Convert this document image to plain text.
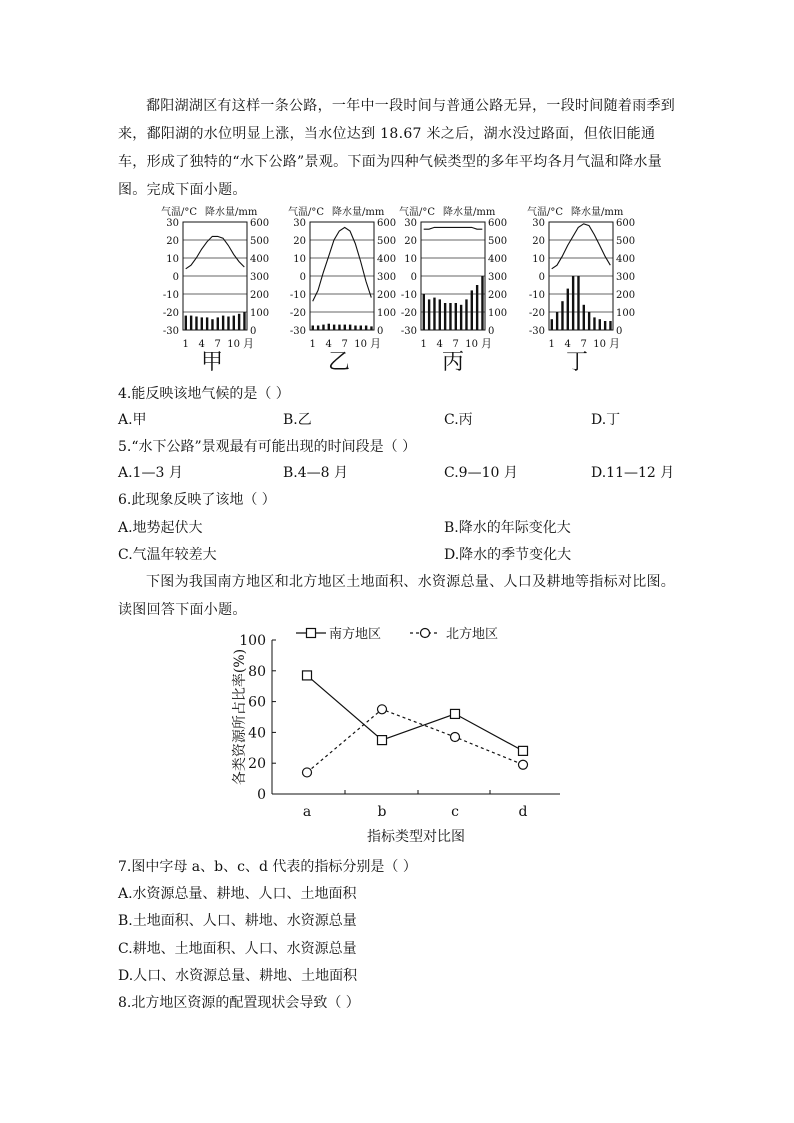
鄱阳湖湖区有这样一条公路，一年中一段时间与普通公路无异，一段时间随着雨季到来，鄱阳湖的水位明显上涨，当水位达到 18.67 米之后，湖水没过路面，但依旧能通车，形成了独特的“水下公路”景观。下面为四种气候类型的多年平均各月气温和降水量图。完成下面小题。
气温/°C 降水量/mm
30	600
20	500
10	400
0	300
-10	200
-20	100
-30	0
1 4 7 10 月
气温/°C 降水量/mm
30	600
20	500
10	400
0	300
-10	200
-20	100
-30	0
1 4 7 10 月
气温/°C 降水量/mm
30	600
20	500
10	400
0	300
-10	200
-20	100
-30	0
1 4 7 10 月
气温/°C 降水量/mm
30	600
20	500
10	400
0	300
-10	200
-20	100
-30	0
1 4 7 10 月
甲	乙	丙	丁
4.能反映该地气候的是（ ）
A.甲	B.乙	C.丙	D.丁
5.“水下公路”景观最有可能出现的时间段是（ ）
A.1—3 月	B.4—8 月	C.9—10 月	D.11—12 月
6.此现象反映了该地（ ）
A.地势起伏大	B.降水的年际变化大
C.气温年较差大	D.降水的季节变化大
下图为我国南方地区和北方地区土地面积、水资源总量、人口及耕地等指标对比图。读图回答下面小题。
0
20
40
60
80
100
a	b	c	d
指标类型对比图
各类资源所占比率(%)
南方地区	北方地区
7.图中字母 a、b、c、d 代表的指标分别是（ ）
A.水资源总量、耕地、人口、土地面积
B.土地面积、人口、耕地、水资源总量
C.耕地、土地面积、人口、水资源总量
D.人口、水资源总量、耕地、土地面积
8.北方地区资源的配置现状会导致（ ）
